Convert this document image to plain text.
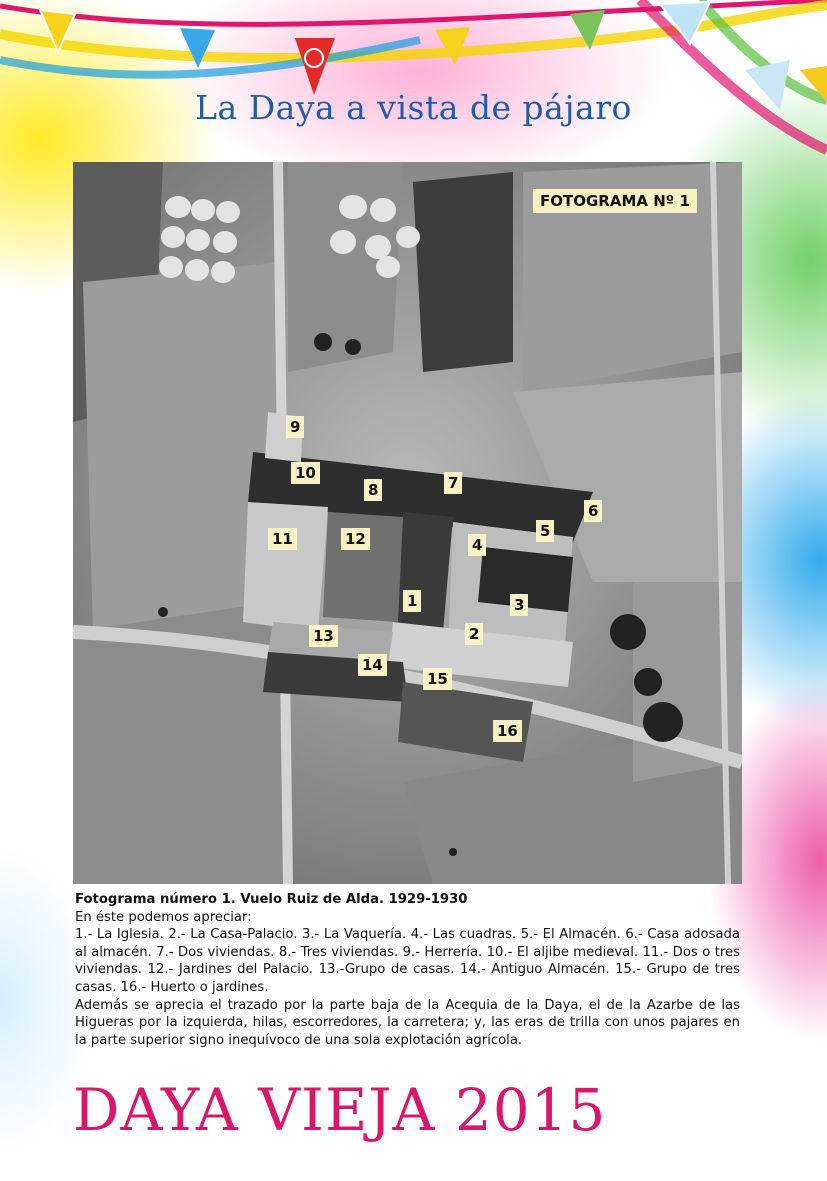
La Daya a vista de pájaro
FOTOGRAMA Nº 1
1
2
3
4
5
6
7
8
9
10
11	12
13
14
15
16
Fotograma número 1. Vuelo Ruiz de Alda. 1929-1930
En éste podemos apreciar:
1.- La Iglesia. 2.- La Casa-Palacio. 3.- La Vaquería. 4.- Las cuadras. 5.- El Almacén. 6.- Casa adosada al almacén. 7.- Dos viviendas. 8.- Tres viviendas. 9.- Herrería. 10.- El aljibe medieval. 11.- Dos o tres viviendas. 12.- Jardines del Palacio. 13.-Grupo de casas. 14.- Antiguo Almacén. 15.- Grupo de tres casas. 16.- Huerto o jardines.
Además se aprecia el trazado por la parte baja de la Acequia de la Daya, el de la Azarbe de las Higueras por la izquierda, hilas, escorredores, la carretera; y, las eras de trilla con unos pajares en la parte superior signo inequívoco de una sola explotación agrícola.
DAYA VIEJA 2015
